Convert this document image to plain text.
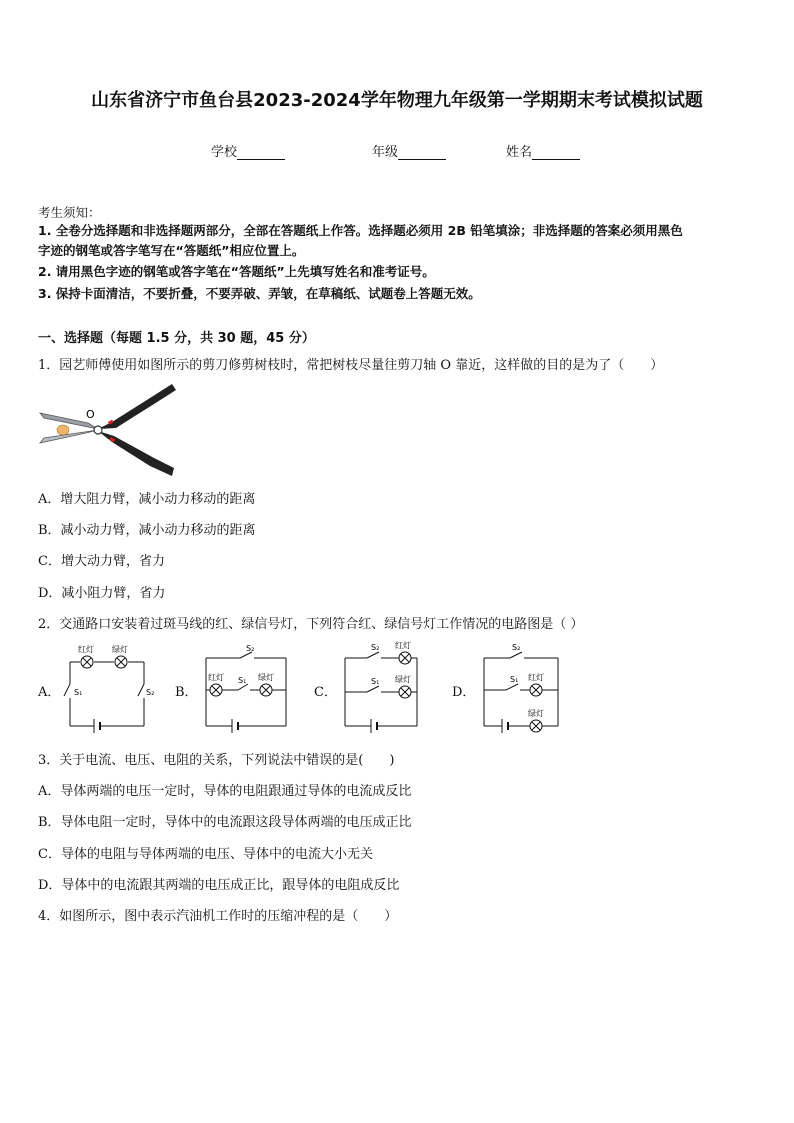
山东省济宁市鱼台县2023-2024学年物理九年级第一学期期末考试模拟试题
学校	年级	姓名
考生须知：
1. 全卷分选择题和非选择题两部分，全部在答题纸上作答。选择题必须用 2B 铅笔填涂；非选择题的答案必须用黑色
字迹的钢笔或答字笔写在“答题纸”相应位置上。
2. 请用黑色字迹的钢笔或答字笔在“答题纸”上先填写姓名和准考证号。
3. 保持卡面清洁，不要折叠，不要弄破、弄皱，在草稿纸、试题卷上答题无效。
一、选择题（每题 1.5 分，共 30 题，45 分）
1．园艺师傅使用如图所示的剪刀修剪树枝时，常把树枝尽量往剪刀轴 O 靠近，这样做的目的是为了（　　）
O
A．增大阻力臂，减小动力移动的距离
B．减小动力臂，减小动力移动的距离
C．增大动力臂，省力
D．减小阻力臂，省力
2．交通路口安装着过斑马线的红、绿信号灯，下列符合红、绿信号灯工作情况的电路图是（ ）
A．	B．	C．	D．
红灯 绿灯
S₁	S₂
S₂
红灯	绿灯
S₁
S₂ 红灯
S₁ 绿灯
S₂
S₁ 红灯
绿灯
3．关于电流、电压、电阻的关系，下列说法中错误的是(　　)
A．导体两端的电压一定时，导体的电阻跟通过导体的电流成反比
B．导体电阻一定时，导体中的电流跟这段导体两端的电压成正比
C．导体的电阻与导体两端的电压、导体中的电流大小无关
D．导体中的电流跟其两端的电压成正比，跟导体的电阻成反比
4．如图所示，图中表示汽油机工作时的压缩冲程的是（　　）
